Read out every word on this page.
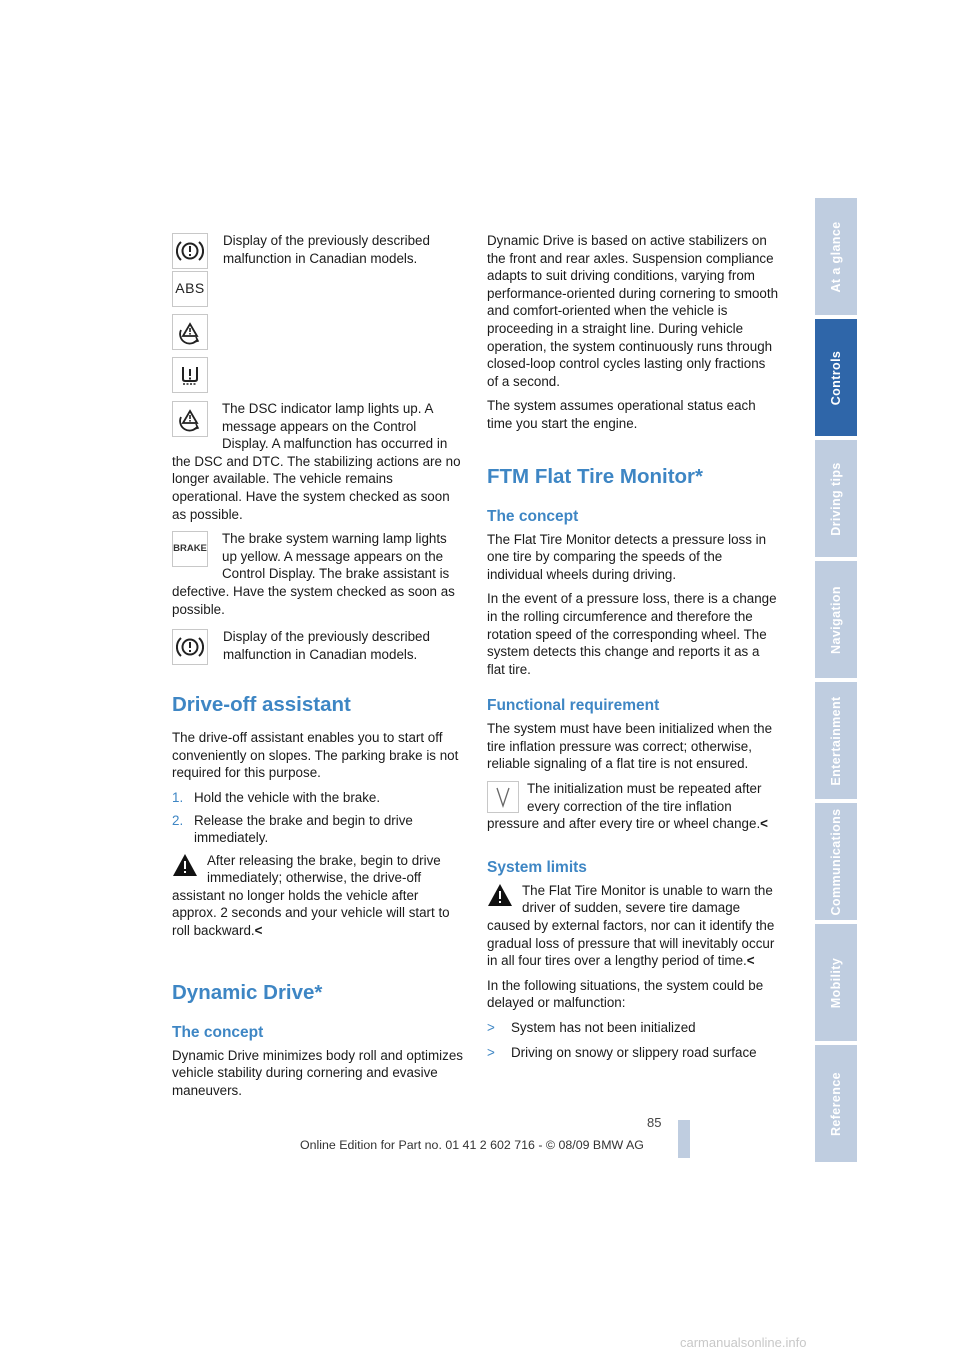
Display of the previously described malfunction in Canadian models.
ABS

The DSC indicator lamp lights up. A message appears on the Control Display. A malfunction has occurred in the DSC and DTC. The stabilizing actions are no longer available. The vehicle remains operational. Have the system checked as soon as possible.

BRAKE

The brake system warning lamp lights up yellow. A message appears on the Control Display. The brake assistant is defective. Have the system checked as soon as possible.

Display of the previously described malfunction in Canadian models.
Drive-off assistant

The drive-off assistant enables you to start off conveniently on slopes. The parking brake is not required for this purpose.

1. Hold the vehicle with the brake.
2. Release the brake and begin to drive immediately.

After releasing the brake, begin to drive immediately; otherwise, the drive-off assistant no longer holds the vehicle after approx. 2 seconds and your vehicle will start to roll backward.<

Dynamic Drive*
The concept

Dynamic Drive minimizes body roll and optimizes vehicle stability during cornering and evasive maneuvers.

Dynamic Drive is based on active stabilizers on the front and rear axles. Suspension compliance adapts to suit driving conditions, varying from performance-oriented during cornering to smooth and comfort-oriented when the vehicle is proceeding in a straight line. During vehicle operation, the system continuously runs through closed-loop control cycles lasting only fractions of a second.

The system assumes operational status each time you start the engine.

FTM Flat Tire Monitor*
The concept

The Flat Tire Monitor detects a pressure loss in one tire by comparing the speeds of the individual wheels during driving.

In the event of a pressure loss, there is a change in the rolling circumference and therefore the rotation speed of the corresponding wheel. The system detects this change and reports it as a flat tire.

Functional requirement

The system must have been initialized when the tire inflation pressure was correct; otherwise, reliable signaling of a flat tire is not ensured.

The initialization must be repeated after every correction of the tire inflation pressure and after every tire or wheel change.<

System limits

The Flat Tire Monitor is unable to warn the driver of sudden, severe tire damage caused by external factors, nor can it identify the gradual loss of pressure that will inevitably occur in all four tires over a lengthy period of time.<

In the following situations, the system could be delayed or malfunction:

>	System has not been initialized
>	Driving on snowy or slippery road surface
At a glance
Controls
Driving tips
Navigation
Entertainment
Communications
Mobility
Reference
85
Online Edition for Part no. 01 41 2 602 716 - © 08/09 BMW AG
carmanualsonline.info
